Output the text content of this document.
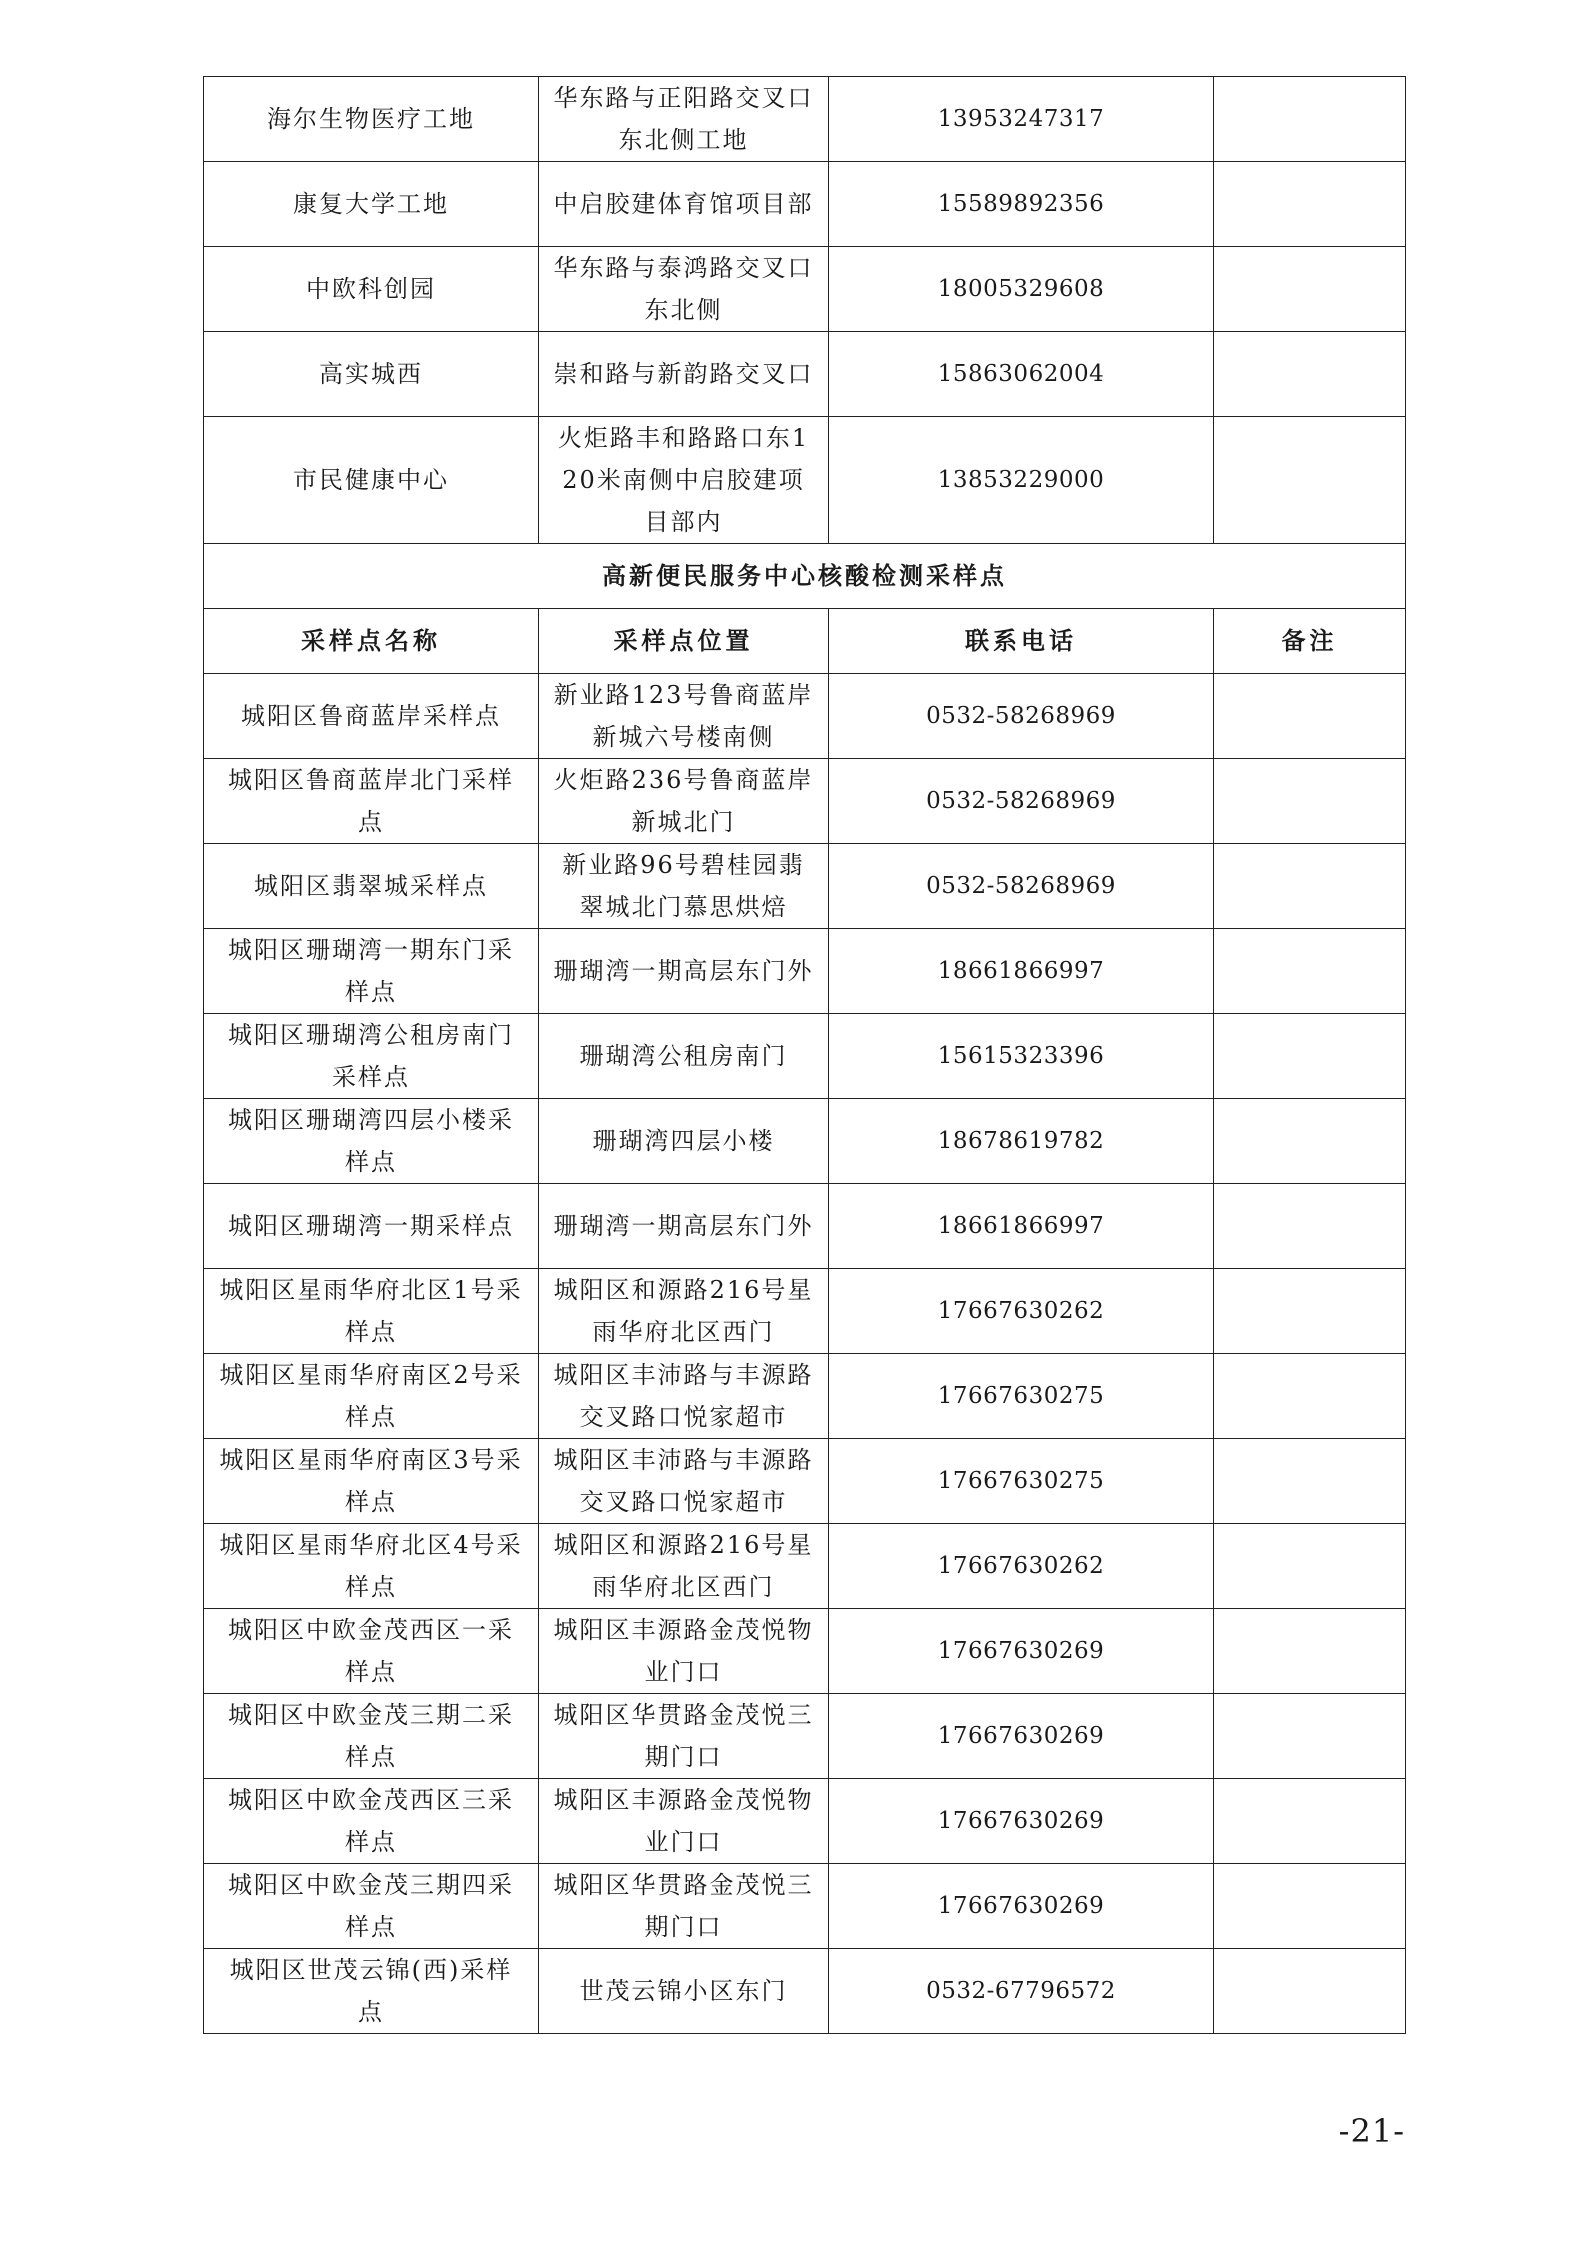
海尔生物医疗工地	华东路与正阳路交叉口东北侧工地	13953247317	
康复大学工地	中启胶建体育馆项目部	15589892356	
中欧科创园	华东路与泰鸿路交叉口东北侧	18005329608	
高实城西	崇和路与新韵路交叉口	15863062004	
市民健康中心	火炬路丰和路路口东120米南侧中启胶建项目部内	13853229000	
高新便民服务中心核酸检测采样点			
采样点名称	采样点位置	联系电话	备注
城阳区鲁商蓝岸采样点	新业路123号鲁商蓝岸新城六号楼南侧	0532-58268969	
城阳区鲁商蓝岸北门采样点	火炬路236号鲁商蓝岸新城北门	0532-58268969	
城阳区翡翠城采样点	新业路96号碧桂园翡翠城北门慕思烘焙	0532-58268969	
城阳区珊瑚湾一期东门采样点	珊瑚湾一期高层东门外	18661866997	
城阳区珊瑚湾公租房南门采样点	珊瑚湾公租房南门	15615323396	
城阳区珊瑚湾四层小楼采样点	珊瑚湾四层小楼	18678619782	
城阳区珊瑚湾一期采样点	珊瑚湾一期高层东门外	18661866997	
城阳区星雨华府北区1号采样点	城阳区和源路216号星雨华府北区西门	17667630262	
城阳区星雨华府南区2号采样点	城阳区丰沛路与丰源路交叉路口悦家超市	17667630275	
城阳区星雨华府南区3号采样点	城阳区丰沛路与丰源路交叉路口悦家超市	17667630275	
城阳区星雨华府北区4号采样点	城阳区和源路216号星雨华府北区西门	17667630262	
城阳区中欧金茂西区一采样点	城阳区丰源路金茂悦物业门口	17667630269	
城阳区中欧金茂三期二采样点	城阳区华贯路金茂悦三期门口	17667630269	
城阳区中欧金茂西区三采样点	城阳区丰源路金茂悦物业门口	17667630269	
城阳区中欧金茂三期四采样点	城阳区华贯路金茂悦三期门口	17667630269	
城阳区世茂云锦(西)采样点	世茂云锦小区东门	0532-67796572	
-21-
